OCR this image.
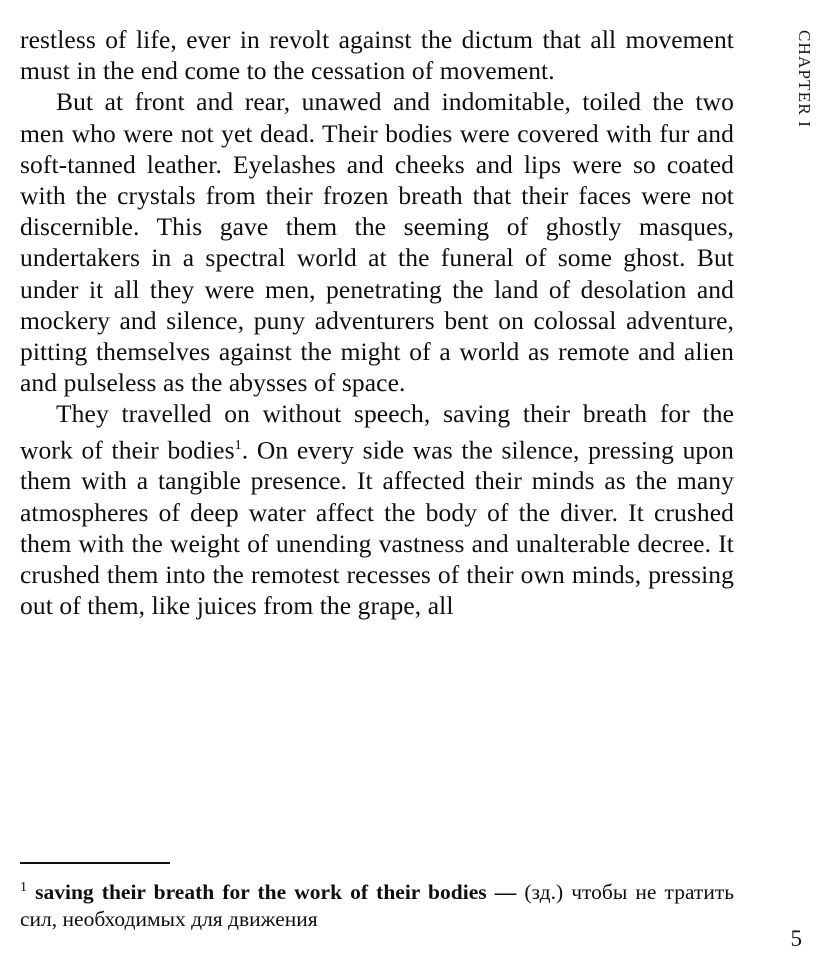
CHAPTER I

restless of life, ever in revolt against the dictum that all movement must in the end come to the cessation of movement.

But at front and rear, unawed and indomitable, toiled the two men who were not yet dead. Their bodies were covered with fur and soft-tanned leather. Eyelashes and cheeks and lips were so coated with the crystals from their frozen breath that their faces were not discernible. This gave them the seeming of ghostly masques, undertakers in a spectral world at the funeral of some ghost. But under it all they were men, penetrating the land of desolation and mockery and silence, puny adventurers bent on colossal adventure, pitting themselves against the might of a world as remote and alien and pulseless as the abysses of space.

They travelled on without speech, saving their breath for the work of their bodies$^1$. On every side was the silence, pressing upon them with a tangible presence. It affected their minds as the many atmospheres of deep water affect the body of the diver. It crushed them with the weight of unending vastness and unalterable decree. It crushed them into the remotest recesses of their own minds, pressing out of them, like juices from the grape, all

$^1$ saving their breath for the work of their bodies — (зд.) чтобы не тратить сил, необходимых для движения

5
